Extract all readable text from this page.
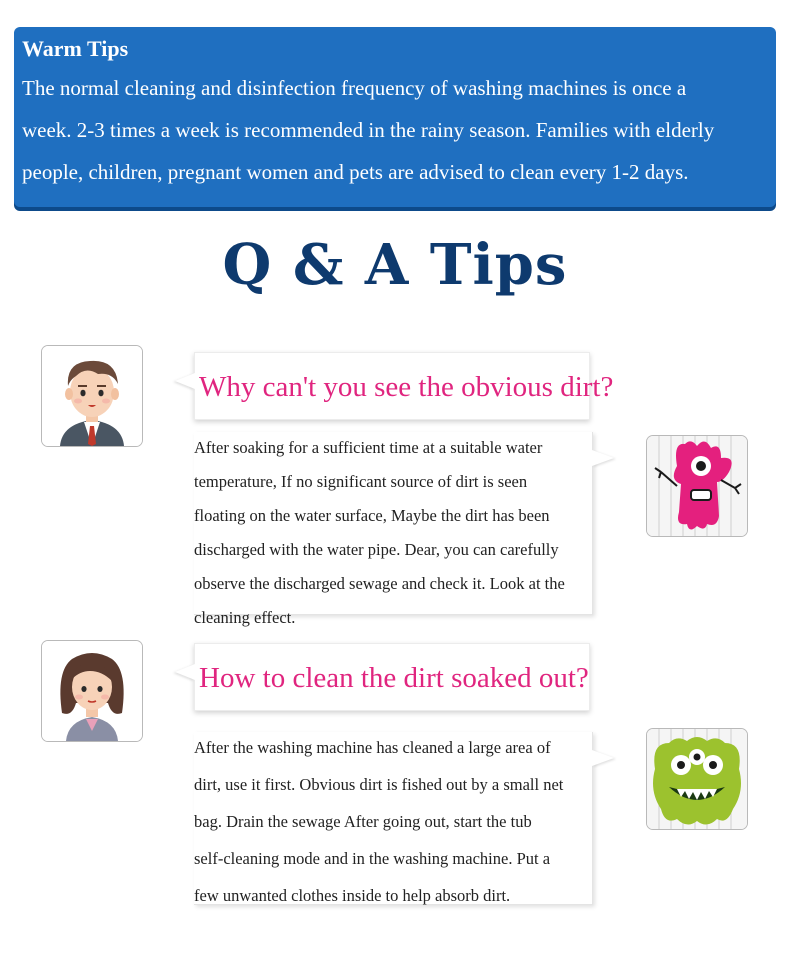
Warm Tips
The normal cleaning and disinfection frequency of washing machines is once a
week. 2-3 times a week is recommended in the rainy season. Families with elderly
people, children, pregnant women and pets are advised to clean every 1-2 days.
Q & A Tips
Why can't you see the obvious dirt?
After soaking for a sufficient time at a suitable water
temperature, If no significant source of dirt is seen
floating on the water surface, Maybe the dirt has been
discharged with the water pipe. Dear, you can carefully
observe the discharged sewage and check it. Look at the
cleaning effect.
How to clean the dirt soaked out?
After the washing machine has cleaned a large area of
dirt, use it first. Obvious dirt is fished out by a small net
bag. Drain the sewage After going out, start the tub
self-cleaning mode and in the washing machine. Put a
few unwanted clothes inside to help absorb dirt.
